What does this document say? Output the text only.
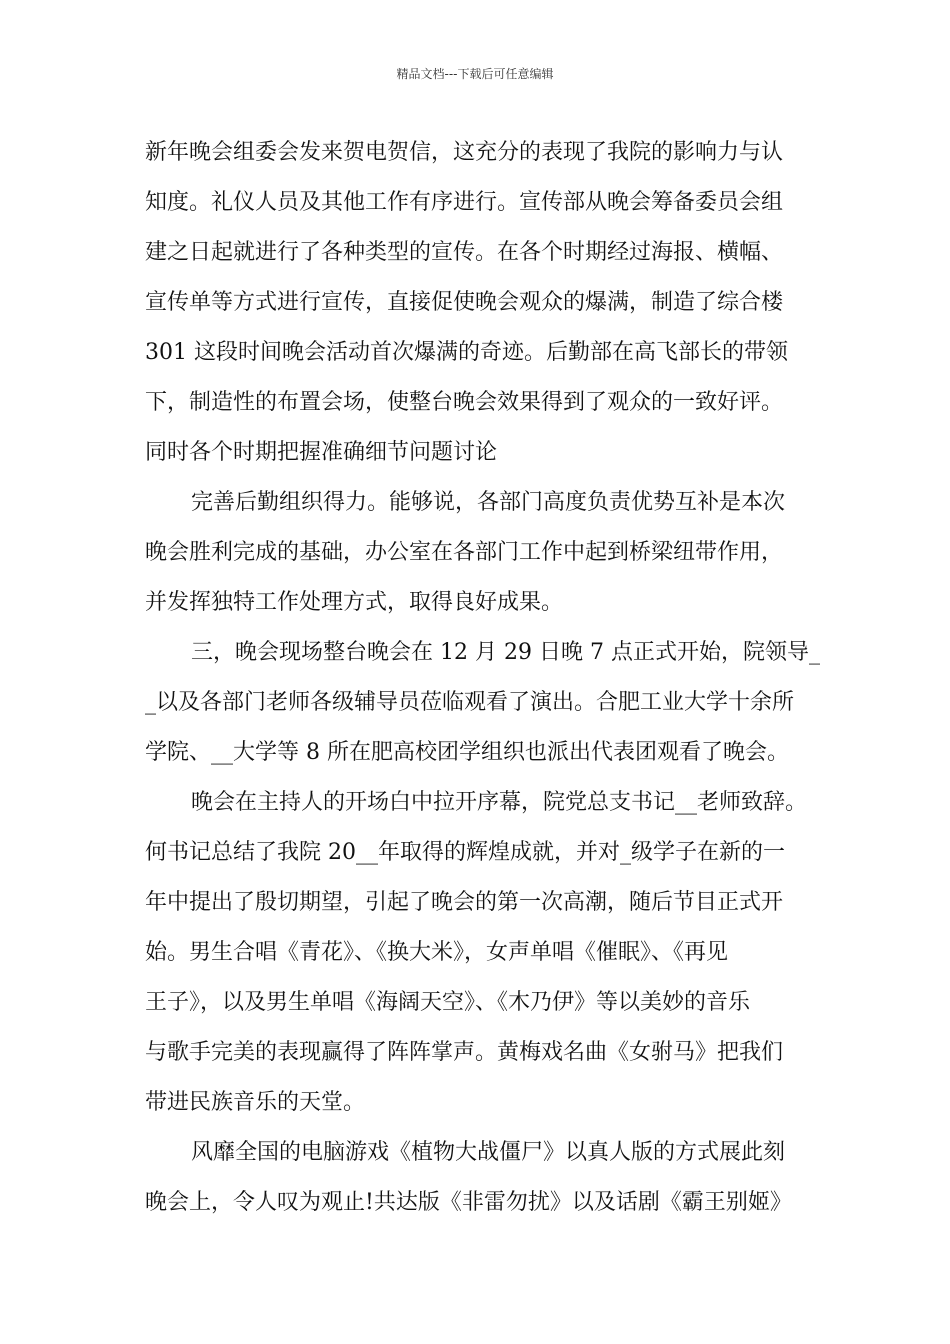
精品文档---下载后可任意编辑
新年晚会组委会发来贺电贺信，这充分的表现了我院的影响力与认
知度。礼仪人员及其他工作有序进行。宣传部从晚会筹备委员会组
建之日起就进行了各种类型的宣传。在各个时期经过海报、横幅、
宣传单等方式进行宣传，直接促使晚会观众的爆满，制造了综合楼
301 这段时间晚会活动首次爆满的奇迹。后勤部在高飞部长的带领
下，制造性的布置会场，使整台晚会效果得到了观众的一致好评。
同时各个时期把握准确细节问题讨论
完善后勤组织得力。能够说，各部门高度负责优势互补是本次
晚会胜利完成的基础，办公室在各部门工作中起到桥梁纽带作用，
并发挥独特工作处理方式，取得良好成果。
三，晚会现场整台晚会在 12 月 29 日晚 7 点正式开始，院领导_
_以及各部门老师各级辅导员莅临观看了演出。合肥工业大学十余所
学院、__大学等 8 所在肥高校团学组织也派出代表团观看了晚会。
晚会在主持人的开场白中拉开序幕，院党总支书记__老师致辞。
何书记总结了我院 20__年取得的辉煌成就，并对_级学子在新的一
年中提出了殷切期望，引起了晚会的第一次高潮，随后节目正式开
始。男生合唱《青花》、《换大米》，女声单唱《催眠》、《再见
王子》，以及男生单唱《海阔天空》、《木乃伊》等以美妙的音乐
与歌手完美的表现赢得了阵阵掌声。黄梅戏名曲《女驸马》把我们
带进民族音乐的天堂。
风靡全国的电脑游戏《植物大战僵尸》以真人版的方式展此刻
晚会上，令人叹为观止!共达版《非雷勿扰》以及话剧《霸王别姬》
